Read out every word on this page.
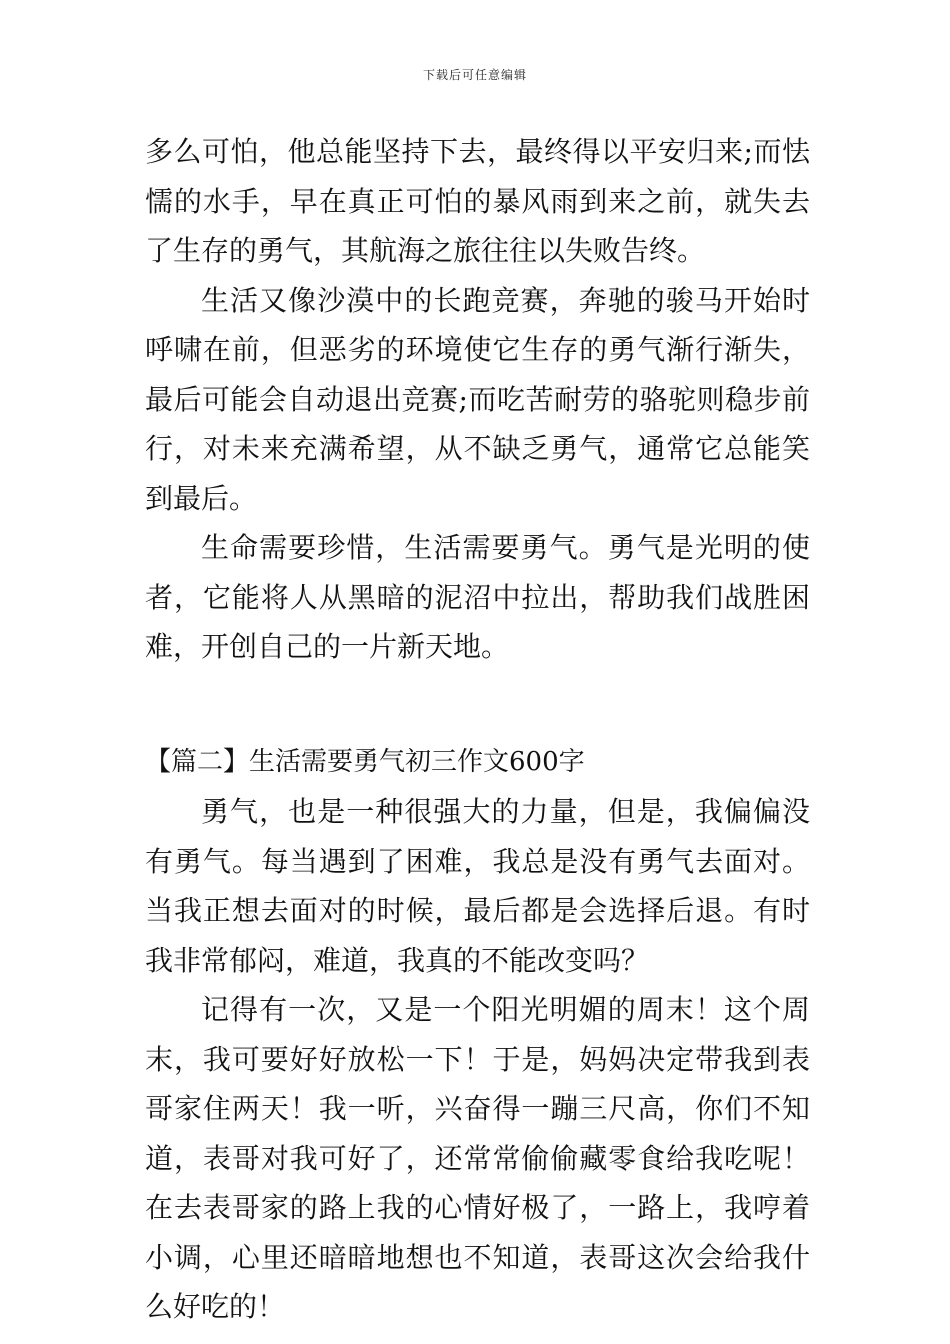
下载后可任意编辑

多么可怕，他总能坚持下去，最终得以平安归来;而怯懦的水手，早在真正可怕的暴风雨到来之前，就失去了生存的勇气，其航海之旅往往以失败告终。

生活又像沙漠中的长跑竞赛，奔驰的骏马开始时呼啸在前，但恶劣的环境使它生存的勇气渐行渐失，最后可能会自动退出竞赛;而吃苦耐劳的骆驼则稳步前行，对未来充满希望，从不缺乏勇气，通常它总能笑到最后。

生命需要珍惜，生活需要勇气。勇气是光明的使者，它能将人从黑暗的泥沼中拉出，帮助我们战胜困难，开创自己的一片新天地。

【篇二】生活需要勇气初三作文600字

勇气，也是一种很强大的力量，但是，我偏偏没有勇气。每当遇到了困难，我总是没有勇气去面对。当我正想去面对的时候，最后都是会选择后退。有时我非常郁闷，难道，我真的不能改变吗？

记得有一次，又是一个阳光明媚的周末！这个周末，我可要好好放松一下！于是，妈妈决定带我到表哥家住两天！我一听，兴奋得一蹦三尺高，你们不知道，表哥对我可好了，还常常偷偷藏零食给我吃呢！在去表哥家的路上我的心情好极了，一路上，我哼着小调，心里还暗暗地想也不知道，表哥这次会给我什么好吃的！
